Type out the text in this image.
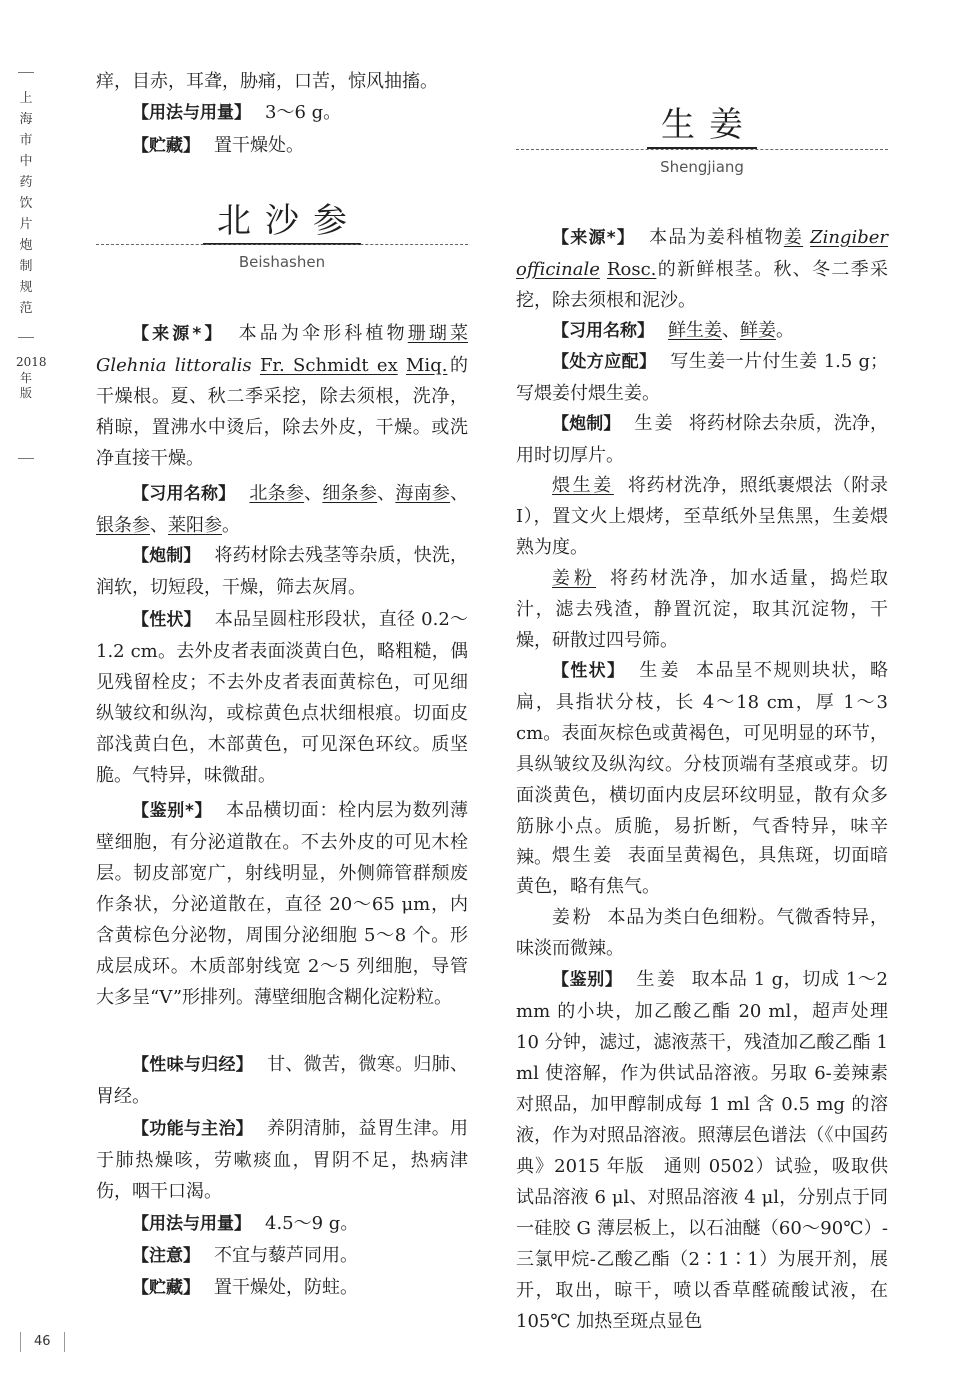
上海市中药饮片炮制规范
2018年版

痒，目赤，耳聋，胁痛，口苦，惊风抽搐。

【用法与用量】 3～6 g。

【贮藏】 置干燥处。

北沙参
Beishashen

【来源*】 本品为伞形科植物珊瑚菜 Glehnia littoralis Fr. Schmidt ex Miq.的干燥根。夏、秋二季采挖，除去须根，洗净，稍晾，置沸水中烫后，除去外皮，干燥。或洗净直接干燥。

【习用名称】 北条参、细条参、海南参、银条参、莱阳参。

【炮制】 将药材除去残茎等杂质，快洗，润软，切短段，干燥，筛去灰屑。

【性状】 本品呈圆柱形段状，直径 0.2～1.2 cm。去外皮者表面淡黄白色，略粗糙，偶见残留栓皮；不去外皮者表面黄棕色，可见细纵皱纹和纵沟，或棕黄色点状细根痕。切面皮部浅黄白色，木部黄色，可见深色环纹。质坚脆。气特异，味微甜。

【鉴别*】 本品横切面：栓内层为数列薄壁细胞，有分泌道散在。不去外皮的可见木栓层。韧皮部宽广，射线明显，外侧筛管群颓废作条状，分泌道散在，直径 20～65 μm，内含黄棕色分泌物，周围分泌细胞 5～8 个。形成层成环。木质部射线宽 2～5 列细胞，导管大多呈“V”形排列。薄壁细胞含糊化淀粉粒。

【性味与归经】 甘、微苦，微寒。归肺、胃经。

【功能与主治】 养阴清肺，益胃生津。用于肺热燥咳，劳嗽痰血，胃阴不足，热病津伤，咽干口渴。

【用法与用量】 4.5～9 g。

【注意】 不宜与藜芦同用。

【贮藏】 置干燥处，防蛀。

生姜
Shengjiang

【来源*】 本品为姜科植物姜 Zingiber officinale Rosc.的新鲜根茎。秋、冬二季采挖，除去须根和泥沙。

【习用名称】 鲜生姜、鲜姜。

【处方应配】 写生姜一片付生姜 1.5 g；写煨姜付煨生姜。

【炮制】 生姜 将药材除去杂质，洗净，用时切厚片。

煨生姜 将药材洗净，照纸裹煨法（附录Ⅰ），置文火上煨烤，至草纸外呈焦黑，生姜煨熟为度。

姜粉 将药材洗净，加水适量，捣烂取汁，滤去残渣，静置沉淀，取其沉淀物，干燥，研散过四号筛。

【性状】 生姜 本品呈不规则块状，略扁，具指状分枝，长 4～18 cm，厚 1～3 cm。表面灰棕色或黄褐色，可见明显的环节，具纵皱纹及纵沟纹。分枝顶端有茎痕或芽。切面淡黄色，横切面内皮层环纹明显，散有众多筋脉小点。质脆，易折断，气香特异，味辛辣。 煨生姜 表面呈黄褐色，具焦斑，切面暗黄色，略有焦气。

姜粉 本品为类白色细粉。气微香特异，味淡而微辣。

【鉴别】 生姜 取本品 1 g，切成 1～2 mm 的小块，加乙酸乙酯 20 ml，超声处理 10 分钟，滤过，滤液蒸干，残渣加乙酸乙酯 1 ml 使溶解，作为供试品溶液。另取 6-姜辣素对照品，加甲醇制成每 1 ml 含 0.5 mg 的溶液，作为对照品溶液。照薄层色谱法（《中国药典》2015 年版　通则 0502）试验，吸取供试品溶液 6 μl、对照品溶液 4 μl，分别点于同一硅胶 G 薄层板上，以石油醚（60～90℃）-三氯甲烷-乙酸乙酯（2∶1∶1）为展开剂，展开，取出，晾干，喷以香草醛硫酸试液，在 105℃ 加热至斑点显色

46
